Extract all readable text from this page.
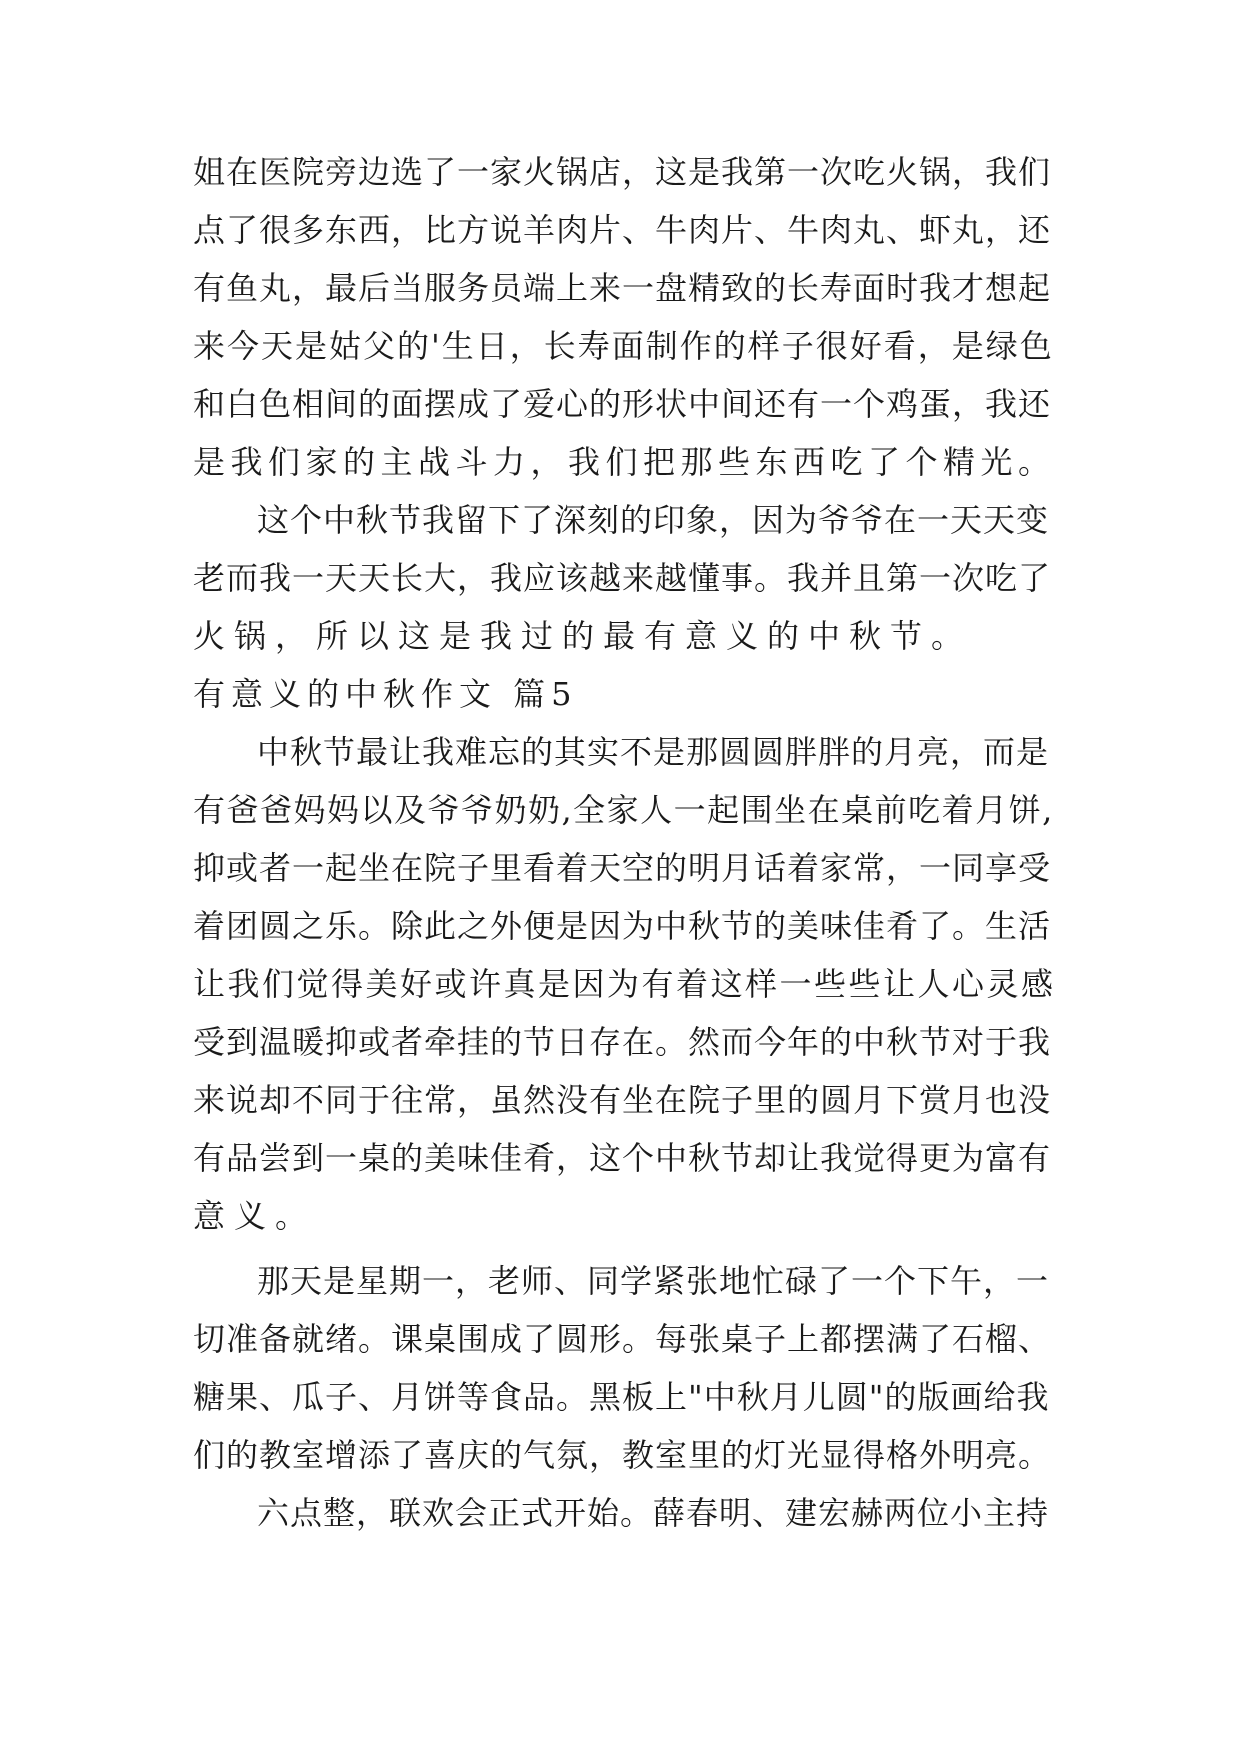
姐在医院旁边选了一家火锅店，这是我第一次吃火锅，我们
点了很多东西，比方说羊肉片、牛肉片、牛肉丸、虾丸，还
有鱼丸，最后当服务员端上来一盘精致的长寿面时我才想起
来今天是姑父的'生日，长寿面制作的样子很好看，是绿色
和白色相间的面摆成了爱心的形状中间还有一个鸡蛋，我还
是我们家的主战斗力，我们把那些东西吃了个精光。
这个中秋节我留下了深刻的印象，因为爷爷在一天天变
老而我一天天长大，我应该越来越懂事。我并且第一次吃了
火锅，所以这是我过的最有意义的中秋节。
有意义的中秋作文 篇5
中秋节最让我难忘的其实不是那圆圆胖胖的月亮，而是
有爸爸妈妈以及爷爷奶奶,全家人一起围坐在桌前吃着月饼,
抑或者一起坐在院子里看着天空的明月话着家常，一同享受
着团圆之乐。除此之外便是因为中秋节的美味佳肴了。生活
让我们觉得美好或许真是因为有着这样一些些让人心灵感
受到温暖抑或者牵挂的节日存在。然而今年的中秋节对于我
来说却不同于往常，虽然没有坐在院子里的圆月下赏月也没
有品尝到一桌的美味佳肴，这个中秋节却让我觉得更为富有
意义。
那天是星期一，老师、同学紧张地忙碌了一个下午，一
切准备就绪。课桌围成了圆形。每张桌子上都摆满了石榴、
糖果、瓜子、月饼等食品。黑板上"中秋月儿圆"的版画给我
们的教室增添了喜庆的气氛，教室里的灯光显得格外明亮。
六点整，联欢会正式开始。薛春明、建宏赫两位小主持
